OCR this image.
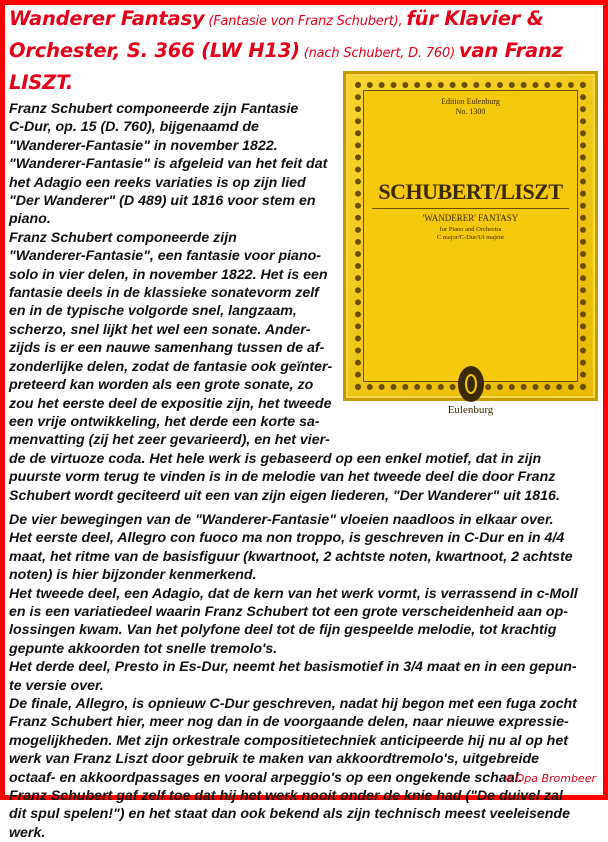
Wanderer Fantasy (Fantasie von Franz Schubert), für Klavier & Orchester, S. 366 (LW H13) (nach Schubert, D. 760) van Franz LISZT.
Edition Eulenburg
No. 1300
SCHUBERT/LISZT
'WANDERER' FANTASY
for Piano and Orchestra
C major/C-Dur/Ut majeur
Eulenburg
Franz Schubert componeerde zijn Fantasie
C-Dur, op. 15 (D. 760), bijgenaamd de
"Wanderer-Fantasie" in november 1822.
"Wanderer-Fantasie" is afgeleid van het feit dat
het Adagio een reeks variaties is op zijn lied
"Der Wanderer" (D 489) uit 1816 voor stem en
piano.
Franz Schubert componeerde zijn
"Wanderer-Fantasie", een fantasie voor piano-
solo in vier delen, in november 1822. Het is een
fantasie deels in de klassieke sonatevorm zelf
en in de typische volgorde snel, langzaam,
scherzo, snel lijkt het wel een sonate. Ander-
zijds is er een nauwe samenhang tussen de af-
zonderlijke delen, zodat de fantasie ook geïnter-
preteerd kan worden als een grote sonate, zo
zou het eerste deel de expositie zijn, het tweede
een vrije ontwikkeling, het derde een korte sa-
menvatting (zij het zeer gevarieerd), en het vier-
de de virtuoze coda. Het hele werk is gebaseerd op een enkel motief, dat in zijn
puurste vorm terug te vinden is in de melodie van het tweede deel die door Franz
Schubert wordt geciteerd uit een van zijn eigen liederen, "Der Wanderer" uit 1816.
De vier bewegingen van de "Wanderer-Fantasie" vloeien naadloos in elkaar over.
Het eerste deel, Allegro con fuoco ma non troppo, is geschreven in C-Dur en in 4/4
maat, het ritme van de basisfiguur (kwartnoot, 2 achtste noten, kwartnoot, 2 achtste
noten) is hier bijzonder kenmerkend.
Het tweede deel, een Adagio, dat de kern van het werk vormt, is verrassend in c-Moll
en is een variatiedeel waarin Franz Schubert tot een grote verscheidenheid aan op-
lossingen kwam. Van het polyfone deel tot de fijn gespeelde melodie, tot krachtig
gepunte akkoorden tot snelle tremolo's.
Het derde deel, Presto in Es-Dur, neemt het basismotief in 3/4 maat en in een gepun-
te versie over.
De finale, Allegro, is opnieuw C-Dur geschreven, nadat hij begon met een fuga zocht
Franz Schubert hier, meer nog dan in de voorgaande delen, naar nieuwe expressie-
mogelijkheden. Met zijn orkestrale compositietechniek anticipeerde hij nu al op het
werk van Franz Liszt door gebruik te maken van akkoordtremolo's, uitgebreide
octaaf- en akkoordpassages en vooral arpeggio's op een ongekende schaal.
Franz Schubert gaf zelf toe dat hij het werk nooit onder de knie had ("De duivel zal
dit spul spelen!") en het staat dan ook bekend als zijn technisch meest veeleisende
werk.
©Opa Brombeer
